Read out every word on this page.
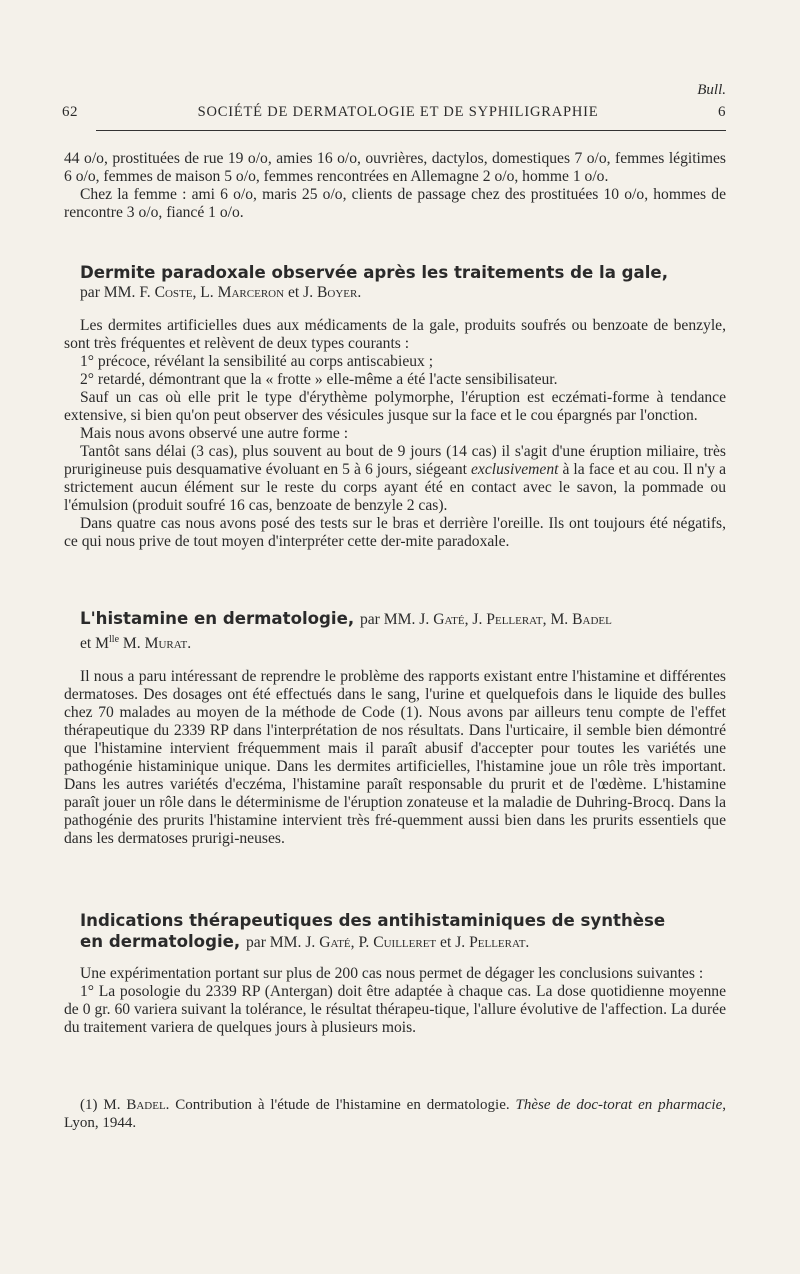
Bull.
62	SOCIÉTÉ DE DERMATOLOGIE ET DE SYPHILIGRAPHIE	6

44 o/o, prostituées de rue 19 o/o, amies 16 o/o, ouvrières, dactylos, domestiques 7 o/o, femmes légitimes 6 o/o, femmes de maison 5 o/o, femmes rencontrées en Allemagne 2 o/o, homme 1 o/o.

Chez la femme : ami 6 o/o, maris 25 o/o, clients de passage chez des prostituées 10 o/o, hommes de rencontre 3 o/o, fiancé 1 o/o.

Dermite paradoxale observée après les traitements de la gale,

par MM. F. Coste, L. Marceron et J. Boyer.

Les dermites artificielles dues aux médicaments de la gale, produits soufrés ou benzoate de benzyle, sont très fréquentes et relèvent de deux types courants :

1° précoce, révélant la sensibilité au corps antiscabieux ;

2° retardé, démontrant que la « frotte » elle-même a été l'acte sensibilisateur.

Sauf un cas où elle prit le type d'érythème polymorphe, l'éruption est eczémati-forme à tendance extensive, si bien qu'on peut observer des vésicules jusque sur la face et le cou épargnés par l'onction.

Mais nous avons observé une autre forme :

Tantôt sans délai (3 cas), plus souvent au bout de 9 jours (14 cas) il s'agit d'une éruption miliaire, très prurigineuse puis desquamative évoluant en 5 à 6 jours, siégeant exclusivement à la face et au cou. Il n'y a strictement aucun élément sur le reste du corps ayant été en contact avec le savon, la pommade ou l'émulsion (produit soufré 16 cas, benzoate de benzyle 2 cas).

Dans quatre cas nous avons posé des tests sur le bras et derrière l'oreille. Ils ont toujours été négatifs, ce qui nous prive de tout moyen d'interpréter cette der-mite paradoxale.

L'histamine en dermatologie, par MM. J. Gaté, J. Pellerat, M. Badel

et $M^{lle}$ M. Murat.

Il nous a paru intéressant de reprendre le problème des rapports existant entre l'histamine et différentes dermatoses. Des dosages ont été effectués dans le sang, l'urine et quelquefois dans le liquide des bulles chez 70 malades au moyen de la méthode de Code (1). Nous avons par ailleurs tenu compte de l'effet thérapeutique du 2339 RP dans l'interprétation de nos résultats. Dans l'urticaire, il semble bien démontré que l'histamine intervient fréquemment mais il paraît abusif d'accepter pour toutes les variétés une pathogénie histaminique unique. Dans les dermites artificielles, l'histamine joue un rôle très important. Dans les autres variétés d'eczéma, l'histamine paraît responsable du prurit et de l'œdème. L'histamine paraît jouer un rôle dans le déterminisme de l'éruption zonateuse et la maladie de Duhring-Brocq. Dans la pathogénie des prurits l'histamine intervient très fré-quemment aussi bien dans les prurits essentiels que dans les dermatoses prurigi-neuses.

Indications thérapeutiques des antihistaminiques de synthèse

en dermatologie, par MM. J. Gaté, P. Cuilleret et J. Pellerat.

Une expérimentation portant sur plus de 200 cas nous permet de dégager les conclusions suivantes :

1° La posologie du 2339 RP (Antergan) doit être adaptée à chaque cas. La dose quotidienne moyenne de 0 gr. 60 variera suivant la tolérance, le résultat thérapeu-tique, l'allure évolutive de l'affection. La durée du traitement variera de quelques jours à plusieurs mois.

(1) M. Badel. Contribution à l'étude de l'histamine en dermatologie. Thèse de doc-torat en pharmacie, Lyon, 1944.
